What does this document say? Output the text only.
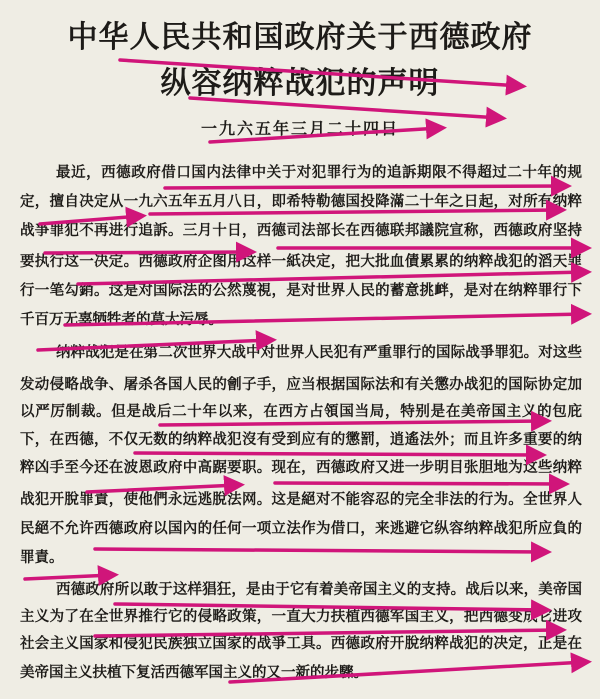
中华人民共和国政府关于西德政府
纵容纳粹战犯的声明
一九六五年三月二十四日
最近，西德政府借口国内法律中关于对犯罪行为的追訴期限不得超过二十年的规
定，擅自决定从一九六五年五月八日，即希特勒德国投降滿二十年之日起，对所有纳粹
战爭罪犯不再进行追訴。三月十日，西德司法部长在西德联邦議院宣称，西德政府坚持
要执行这一决定。西德政府企图用这样一紙决定，把大批血債累累的纳粹战犯的滔天罪
行一笔勾銷。这是对国际法的公然蔑視，是对世界人民的蓄意挑衅，是对在纳粹罪行下
千百万无辜牺牲者的莫大污辱。
纳粹战犯是在第二次世界大战中对世界人民犯有严重罪行的国际战爭罪犯。对这些
发动侵略战争、屠杀各国人民的劊子手，应当根据国际法和有关懲办战犯的国际协定加
以严厉制裁。但是战后二十年以来，在西方占領国当局，特别是在美帝国主义的包庇
下，在西德，不仅无数的纳粹战犯沒有受到应有的懲罰，逍遙法外；而且许多重要的纳
粹凶手至今还在波恩政府中高踞要职。现在，西德政府又进一步明目张胆地为这些纳粹
战犯开脫罪責，使他們永远逃脫法网。这是絕对不能容忍的完全非法的行为。全世界人
民絕不允许西德政府以国內的任何一项立法作为借口，来逃避它纵容纳粹战犯所应負的
罪責。
西德政府所以敢于这样猖狂，是由于它有着美帝国主义的支持。战后以来，美帝国
主义为了在全世界推行它的侵略政策，一直大力扶植西德军国主义，把西德变成它进攻
社会主义国家和侵犯民族独立国家的战爭工具。西德政府开脫纳粹战犯的决定，正是在
美帝国主义扶植下复活西德军国主义的又一新的步驟。
